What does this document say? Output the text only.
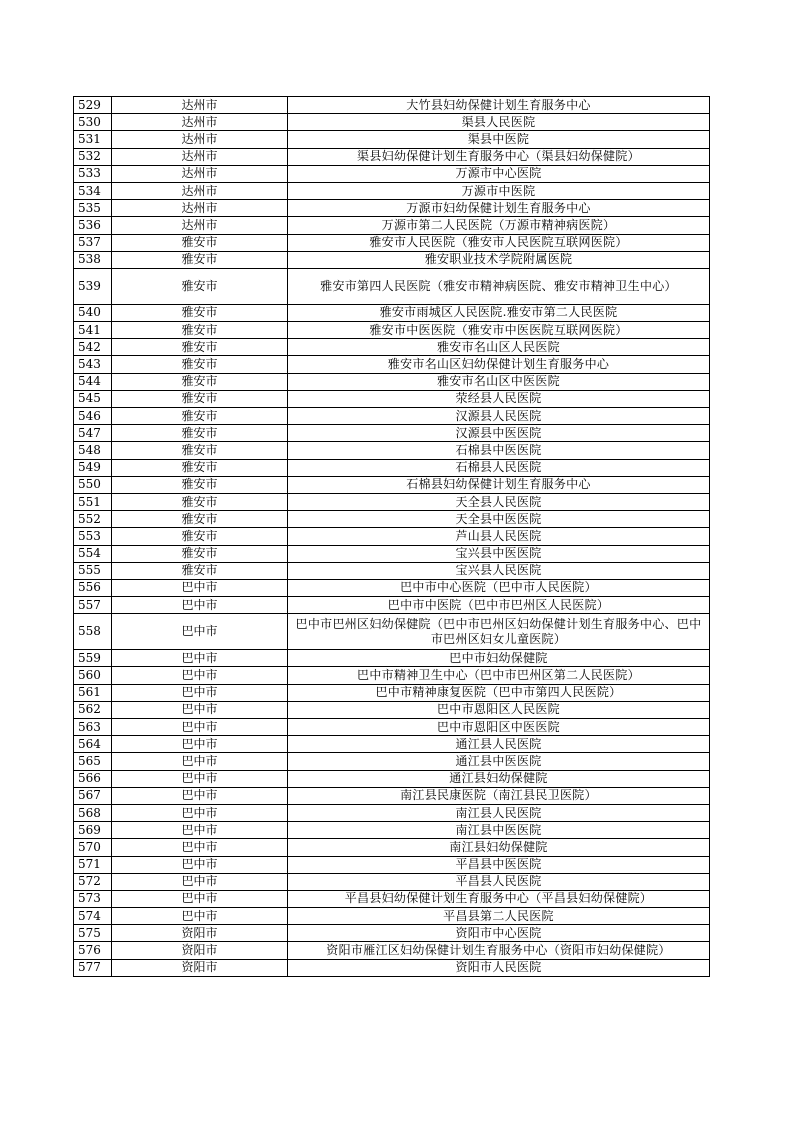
529	达州市	大竹县妇幼保健计划生育服务中心
530	达州市	渠县人民医院
531	达州市	渠县中医院
532	达州市	渠县妇幼保健计划生育服务中心（渠县妇幼保健院）
533	达州市	万源市中心医院
534	达州市	万源市中医院
535	达州市	万源市妇幼保健计划生育服务中心
536	达州市	万源市第二人民医院（万源市精神病医院）
537	雅安市	雅安市人民医院（雅安市人民医院互联网医院）
538	雅安市	雅安职业技术学院附属医院
539	雅安市	雅安市第四人民医院（雅安市精神病医院、雅安市精神卫生中心）
540	雅安市	雅安市雨城区人民医院.雅安市第二人民医院
541	雅安市	雅安市中医医院（雅安市中医医院互联网医院）
542	雅安市	雅安市名山区人民医院
543	雅安市	雅安市名山区妇幼保健计划生育服务中心
544	雅安市	雅安市名山区中医医院
545	雅安市	荥经县人民医院
546	雅安市	汉源县人民医院
547	雅安市	汉源县中医医院
548	雅安市	石棉县中医医院
549	雅安市	石棉县人民医院
550	雅安市	石棉县妇幼保健计划生育服务中心
551	雅安市	天全县人民医院
552	雅安市	天全县中医医院
553	雅安市	芦山县人民医院
554	雅安市	宝兴县中医医院
555	雅安市	宝兴县人民医院
556	巴中市	巴中市中心医院（巴中市人民医院）
557	巴中市	巴中市中医院（巴中市巴州区人民医院）
558	巴中市	巴中市巴州区妇幼保健院（巴中市巴州区妇幼保健计划生育服务中心、巴中市巴州区妇女儿童医院）
559	巴中市	巴中市妇幼保健院
560	巴中市	巴中市精神卫生中心（巴中市巴州区第二人民医院）
561	巴中市	巴中市精神康复医院（巴中市第四人民医院）
562	巴中市	巴中市恩阳区人民医院
563	巴中市	巴中市恩阳区中医医院
564	巴中市	通江县人民医院
565	巴中市	通江县中医医院
566	巴中市	通江县妇幼保健院
567	巴中市	南江县民康医院（南江县民卫医院）
568	巴中市	南江县人民医院
569	巴中市	南江县中医医院
570	巴中市	南江县妇幼保健院
571	巴中市	平昌县中医医院
572	巴中市	平昌县人民医院
573	巴中市	平昌县妇幼保健计划生育服务中心（平昌县妇幼保健院）
574	巴中市	平昌县第二人民医院
575	资阳市	资阳市中心医院
576	资阳市	资阳市雁江区妇幼保健计划生育服务中心（资阳市妇幼保健院）
577	资阳市	资阳市人民医院
